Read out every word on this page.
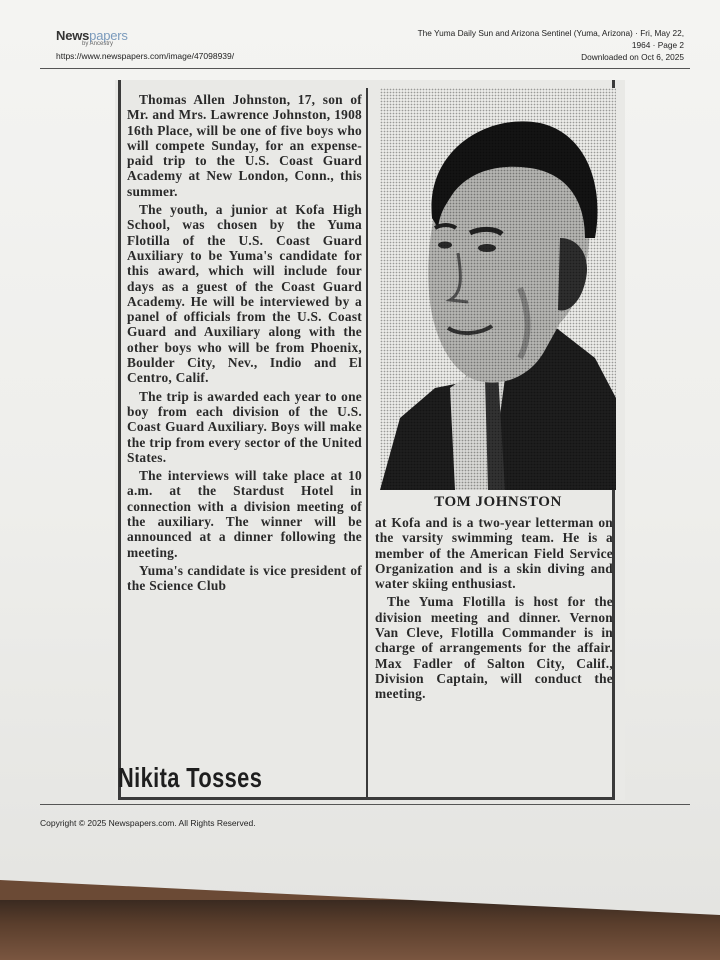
Newspapers
by Ancestry
https://www.newspapers.com/image/47098939/
The Yuma Daily Sun and Arizona Sentinel (Yuma, Arizona) · Fri, May 22,
1964 · Page 2
Downloaded on Oct 6, 2025

Thomas Allen Johnston, 17, son of Mr. and Mrs. Lawrence Johnston, 1908 16th Place, will be one of five boys who will compete Sunday, for an expense-paid trip to the U.S. Coast Guard Academy at New London, Conn., this summer.

The youth, a junior at Kofa High School, was chosen by the Yuma Flotilla of the U.S. Coast Guard Auxiliary to be Yuma's candidate for this award, which will include four days as a guest of the Coast Guard Academy. He will be interviewed by a panel of officials from the U.S. Coast Guard and Auxiliary along with the other boys who will be from Phoenix, Boulder City, Nev., Indio and El Centro, Calif.

The trip is awarded each year to one boy from each division of the U.S. Coast Guard Auxiliary. Boys will make the trip from every sector of the United States.

The interviews will take place at 10 a.m. at the Stardust Hotel in connection with a division meeting of the auxiliary. The winner will be announced at a dinner following the meeting.

Yuma's candidate is vice president of the Science Club

TOM JOHNSTON

at Kofa and is a two-year letterman on the varsity swimming team. He is a member of the American Field Service Organization and is a skin diving and water skiing enthusiast.

The Yuma Flotilla is host for the division meeting and dinner. Vernon Van Cleve, Flotilla Commander is in charge of arrangements for the affair. Max Fadler of Salton City, Calif., Division Captain, will conduct the meeting.

Nikita Tosses
Copyright © 2025 Newspapers.com. All Rights Reserved.
